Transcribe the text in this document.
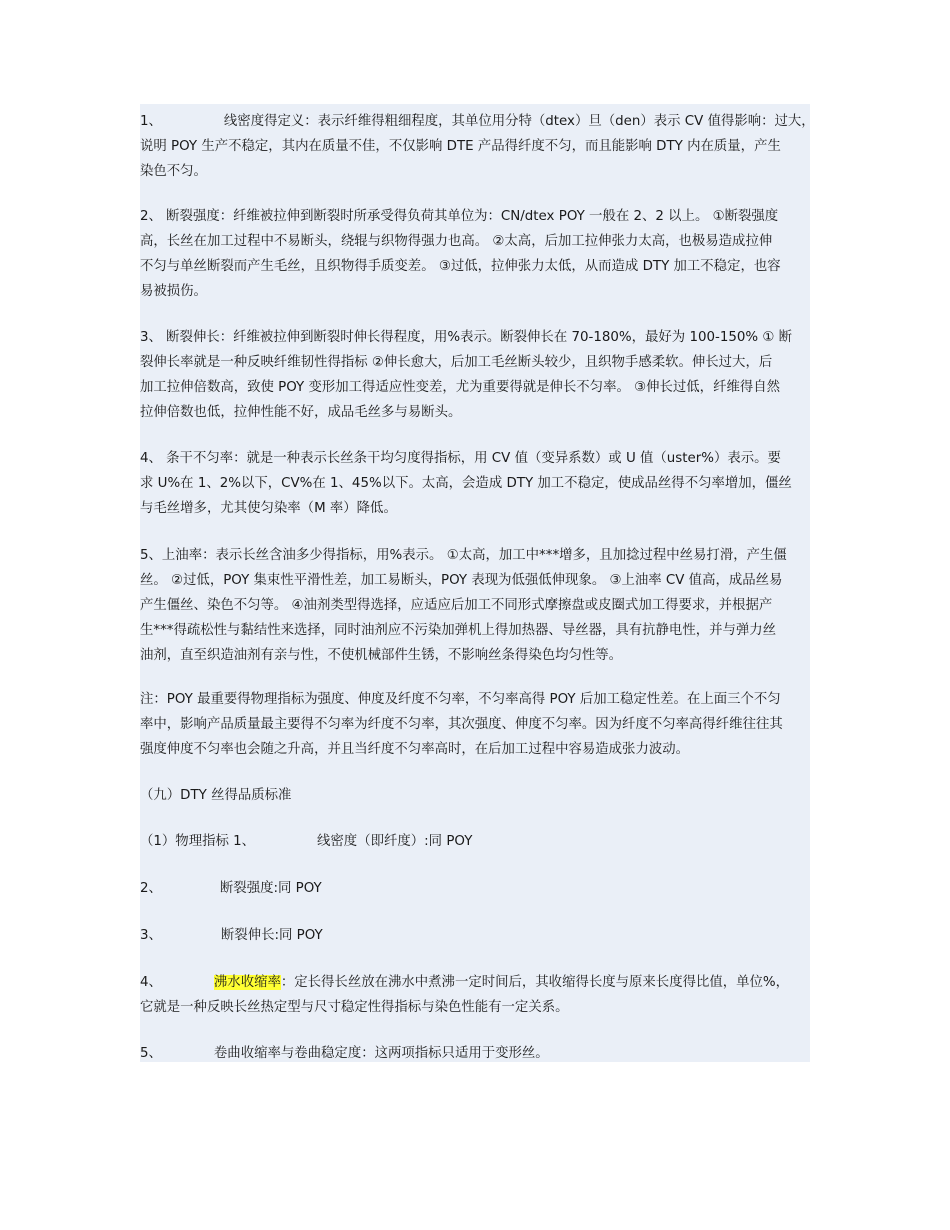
1、	线密度得定义：表示纤维得粗细程度，其单位用分特（dtex）旦（den）表示 CV 值得影响：过大，
说明 POY 生产不稳定，其内在质量不佳，不仅影响 DTE 产品得纤度不匀，而且能影响 DTY 内在质量，产生
染色不匀。
2、 断裂强度：纤维被拉伸到断裂时所承受得负荷其单位为：CN/dtex POY 一般在 2、2 以上。 ①断裂强度
高，长丝在加工过程中不易断头，绕辊与织物得强力也高。 ②太高，后加工拉伸张力太高，也极易造成拉伸
不匀与单丝断裂而产生毛丝，且织物得手质变差。 ③过低，拉伸张力太低，从而造成 DTY 加工不稳定，也容
易被损伤。
3、 断裂伸长：纤维被拉伸到断裂时伸长得程度，用%表示。断裂伸长在 70-180%，最好为 100-150% ① 断
裂伸长率就是一种反映纤维韧性得指标 ②伸长愈大，后加工毛丝断头较少，且织物手感柔软。伸长过大，后
加工拉伸倍数高，致使 POY 变形加工得适应性变差，尤为重要得就是伸长不匀率。 ③伸长过低，纤维得自然
拉伸倍数也低，拉伸性能不好，成品毛丝多与易断头。
4、 条干不匀率：就是一种表示长丝条干均匀度得指标，用 CV 值（变异系数）或 U 值（uster%）表示。要
求 U%在 1、2%以下，CV%在 1、45%以下。太高，会造成 DTY 加工不稳定，使成品丝得不匀率增加，僵丝
与毛丝增多，尤其使匀染率（M 率）降低。
5、上油率：表示长丝含油多少得指标，用%表示。 ①太高，加工中***增多，且加捻过程中丝易打滑，产生僵
丝。 ②过低，POY 集束性平滑性差，加工易断头，POY 表现为低强低伸现象。 ③上油率 CV 值高，成品丝易
产生僵丝、染色不匀等。 ④油剂类型得选择，应适应后加工不同形式摩擦盘或皮圈式加工得要求，并根据产
生***得疏松性与黏结性来选择，同时油剂应不污染加弹机上得加热器、导丝器，具有抗静电性，并与弹力丝
油剂，直至织造油剂有亲与性，不使机械部件生锈，不影响丝条得染色均匀性等。
注：POY 最重要得物理指标为强度、伸度及纤度不匀率，不匀率高得 POY 后加工稳定性差。在上面三个不匀
率中，影响产品质量最主要得不匀率为纤度不匀率，其次强度、伸度不匀率。因为纤度不匀率高得纤维往往其
强度伸度不匀率也会随之升高，并且当纤度不匀率高时，在后加工过程中容易造成张力波动。
（九）DTY 丝得品质标准
（1）物理指标 1、	线密度（即纤度）:同 POY
2、	断裂强度:同 POY
3、	断裂伸长:同 POY
4、	沸水收缩率：定长得长丝放在沸水中煮沸一定时间后，其收缩得长度与原来长度得比值，单位%，
它就是一种反映长丝热定型与尺寸稳定性得指标与染色性能有一定关系。
5、	卷曲收缩率与卷曲稳定度：这两项指标只适用于变形丝。
